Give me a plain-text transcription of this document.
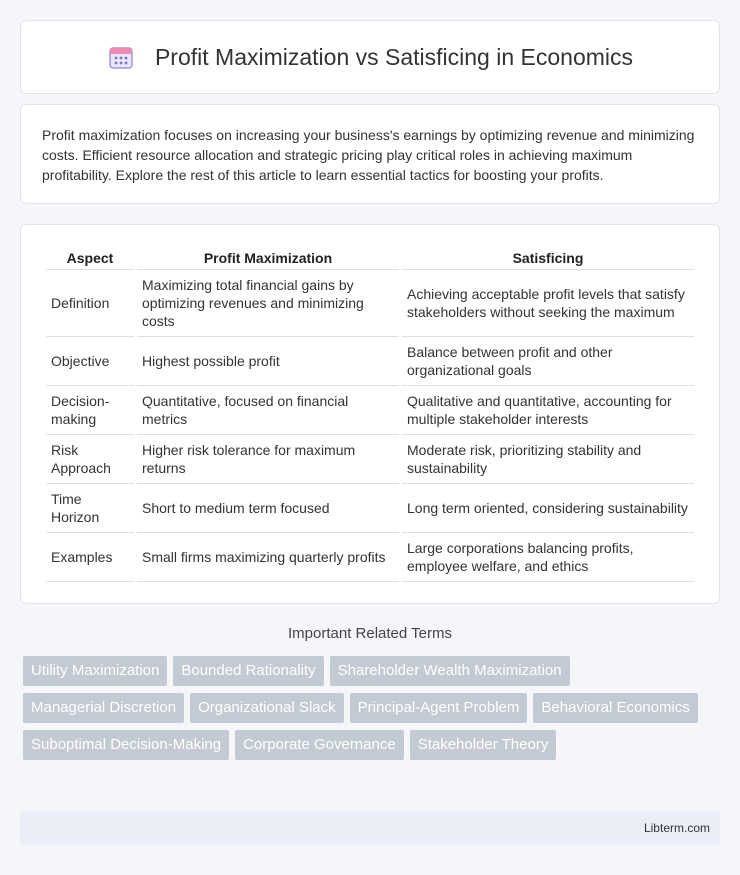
Profit Maximization vs Satisficing in Economics

Profit maximization focuses on increasing your business's earnings by optimizing revenue and minimizing costs. Efficient resource allocation and strategic pricing play critical roles in achieving maximum profitability. Explore the rest of this article to learn essential tactics for boosting your profits.

Aspect	Profit Maximization	Satisficing
Definition	Maximizing total financial gains by optimizing revenues and minimizing costs	Achieving acceptable profit levels that satisfy stakeholders without seeking the maximum
Objective	Highest possible profit	Balance between profit and other organizational goals
Decision-making	Quantitative, focused on financial metrics	Qualitative and quantitative, accounting for multiple stakeholder interests
Risk Approach	Higher risk tolerance for maximum returns	Moderate risk, prioritizing stability and sustainability
Time Horizon	Short to medium term focused	Long term oriented, considering sustainability
Examples	Small firms maximizing quarterly profits	Large corporations balancing profits, employee welfare, and ethics
Important Related Terms
Utility Maximization	Bounded Rationality	Shareholder Wealth Maximization
Managerial Discretion	Organizational Slack	Principal-Agent Problem	Behavioral Economics
Suboptimal Decision-Making	Corporate Governance	Stakeholder Theory
Libterm.com
